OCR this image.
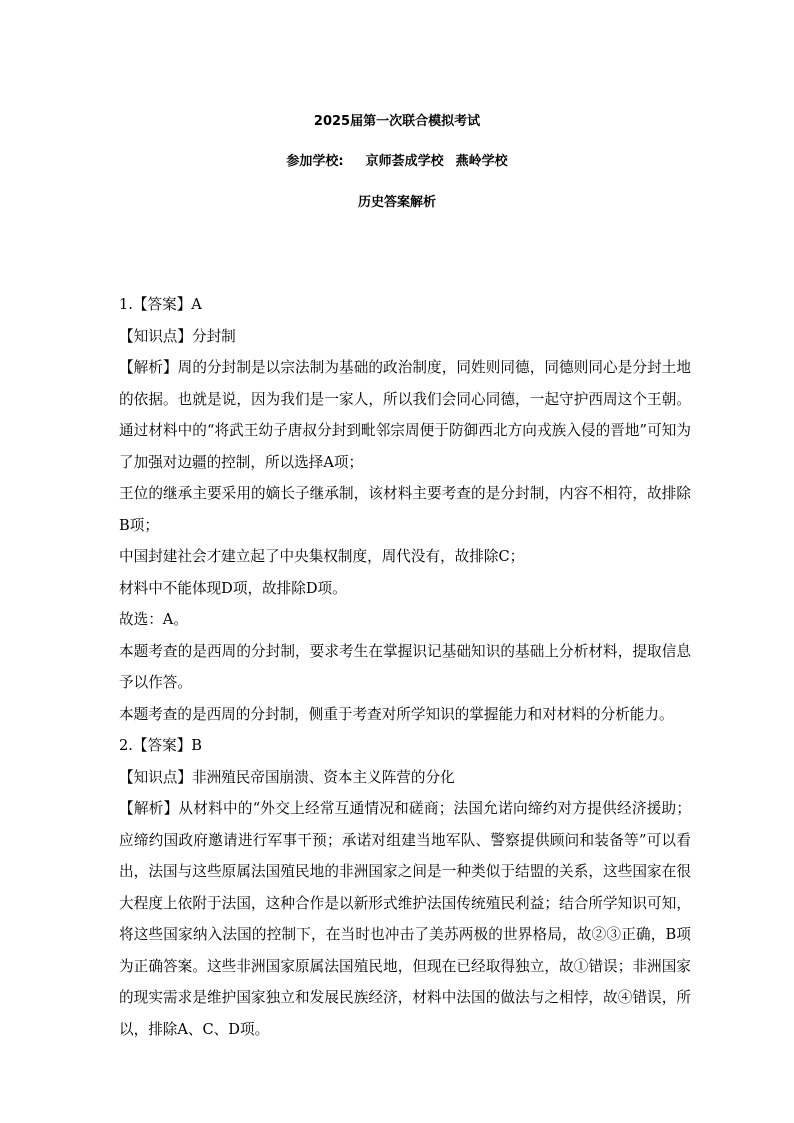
2025届第一次联合模拟考试
参加学校: 京师荟成学校 燕岭学校
历史答案解析

1.【答案】A

【知识点】分封制

【解析】周的分封制是以宗法制为基础的政治制度，同姓则同德，同德则同心是分封土地的依据。也就是说，因为我们是一家人，所以我们会同心同德，一起守护西周这个王朝。通过材料中的“将武王幼子唐叔分封到毗邻宗周便于防御西北方向戎族入侵的晋地”可知为了加强对边疆的控制，所以选择A项；

王位的继承主要采用的嫡长子继承制，该材料主要考查的是分封制，内容不相符，故排除B项；

中国封建社会才建立起了中央集权制度，周代没有，故排除C；

材料中不能体现D项，故排除D项。

故选：A。

本题考查的是西周的分封制，要求考生在掌握识记基础知识的基础上分析材料，提取信息予以作答。

本题考查的是西周的分封制，侧重于考查对所学知识的掌握能力和对材料的分析能力。

2.【答案】B

【知识点】非洲殖民帝国崩溃、资本主义阵营的分化

【解析】从材料中的“外交上经常互通情况和磋商；法国允诺向缔约对方提供经济援助；应缔约国政府邀请进行军事干预；承诺对组建当地军队、警察提供顾问和装备等”可以看出，法国与这些原属法国殖民地的非洲国家之间是一种类似于结盟的关系，这些国家在很大程度上依附于法国，这种合作是以新形式维护法国传统殖民利益；结合所学知识可知，将这些国家纳入法国的控制下，在当时也冲击了美苏两极的世界格局，故②③正确，B项为正确答案。这些非洲国家原属法国殖民地，但现在已经取得独立，故①错误；非洲国家的现实需求是维护国家独立和发展民族经济，材料中法国的做法与之相悖，故④错误，所以，排除A、C、D项。
